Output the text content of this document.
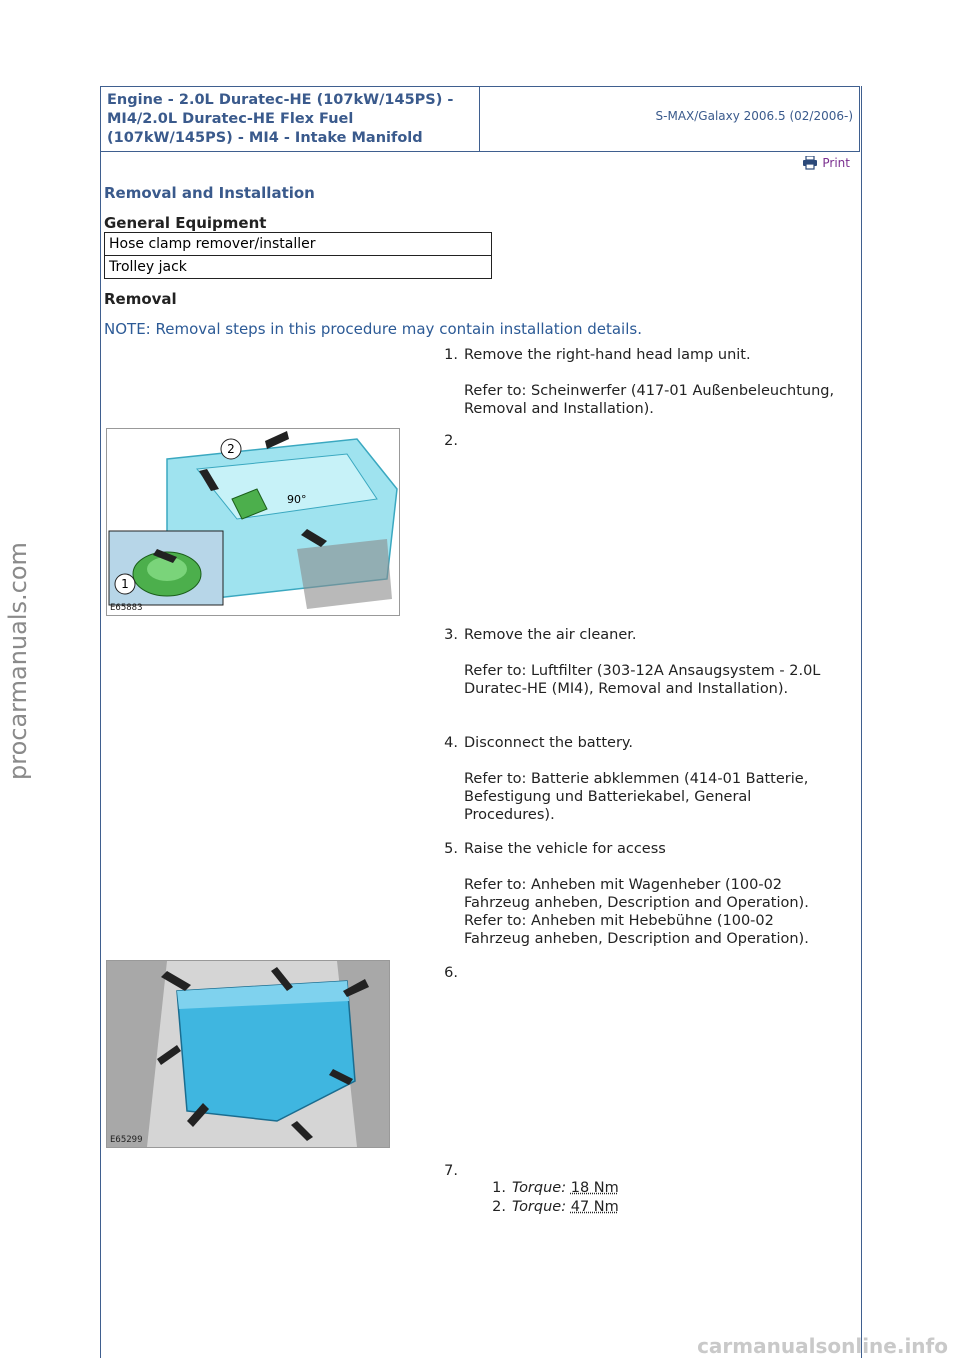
Engine - 2.0L Duratec-HE (107kW/145PS) - MI4/2.0L Duratec-HE Flex Fuel (107kW/145PS) - MI4 - Intake Manifold
S-MAX/Galaxy 2006.5 (02/2006-)
Print
Removal and Installation
General Equipment
Hose clamp remover/installer
Trolley jack
Removal
NOTE: Removal steps in this procedure may contain installation details.
1. Remove the right-hand head lamp unit.
Refer to: Scheinwerfer (417-01 Außenbeleuchtung, Removal and Installation).
2.
2
1
90°
E65883
3. Remove the air cleaner.
Refer to: Luftfilter (303-12A Ansaugsystem - 2.0L Duratec-HE (MI4), Removal and Installation).
4. Disconnect the battery.
Refer to: Batterie abklemmen (414-01 Batterie, Befestigung und Batteriekabel, General Procedures).
5. Raise the vehicle for access
Refer to: Anheben mit Wagenheber (100-02 Fahrzeug anheben, Description and Operation).
Refer to: Anheben mit Hebebühne (100-02 Fahrzeug anheben, Description and Operation).
6.
E65299
7.
1. Torque: 18 Nm
2. Torque: 47 Nm
procarmanuals.com
carmanualsonline.info
